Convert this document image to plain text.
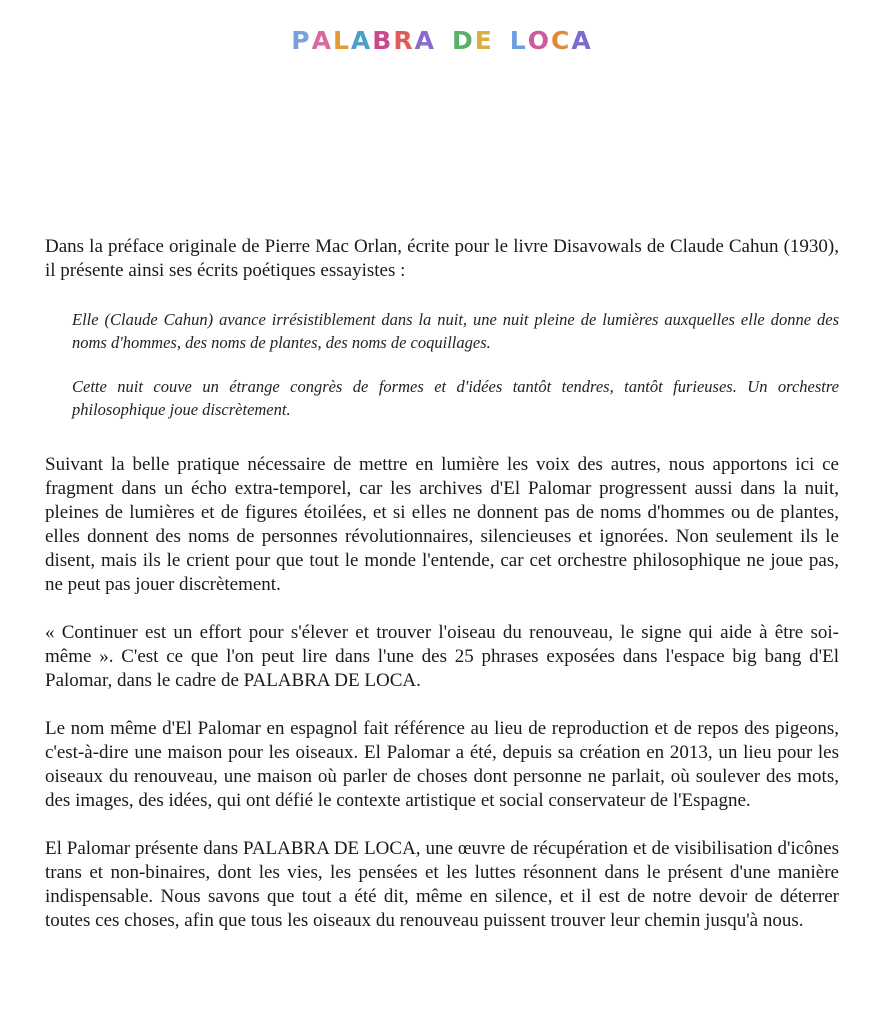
PALABRA DE LOCA

Dans la préface originale de Pierre Mac Orlan, écrite pour le livre Disavowals de Claude Cahun (1930), il présente ainsi ses écrits poétiques essayistes :

Elle (Claude Cahun) avance irrésistiblement dans la nuit, une nuit pleine de lumières auxquelles elle donne des noms d'hommes, des noms de plantes, des noms de coquillages.

Cette nuit couve un étrange congrès de formes et d'idées tantôt tendres, tantôt furieuses. Un orchestre philosophique joue discrètement.

Suivant la belle pratique nécessaire de mettre en lumière les voix des autres, nous apportons ici ce fragment dans un écho extra-temporel, car les archives d'El Palomar progressent aussi dans la nuit, pleines de lumières et de figures étoilées, et si elles ne donnent pas de noms d'hommes ou de plantes, elles donnent des noms de personnes révolutionnaires, silencieuses et ignorées. Non seulement ils le disent, mais ils le crient pour que tout le monde l'entende, car cet orchestre philosophique ne joue pas, ne peut pas jouer discrètement.

« Continuer est un effort pour s'élever et trouver l'oiseau du renouveau, le signe qui aide à être soi-même ». C'est ce que l'on peut lire dans l'une des 25 phrases exposées dans l'espace big bang d'El Palomar, dans le cadre de PALABRA DE LOCA.

Le nom même d'El Palomar en espagnol fait référence au lieu de reproduction et de repos des pigeons, c'est-à-dire une maison pour les oiseaux. El Palomar a été, depuis sa création en 2013, un lieu pour les oiseaux du renouveau, une maison où parler de choses dont personne ne parlait, où soulever des mots, des images, des idées, qui ont défié le contexte artistique et social conservateur de l'Espagne.

El Palomar présente dans PALABRA DE LOCA, une œuvre de récupération et de visibilisation d'icônes trans et non-binaires, dont les vies, les pensées et les luttes résonnent dans le présent d'une manière indispensable. Nous savons que tout a été dit, même en silence, et il est de notre devoir de déterrer toutes ces choses, afin que tous les oiseaux du renouveau puissent trouver leur chemin jusqu'à nous.
